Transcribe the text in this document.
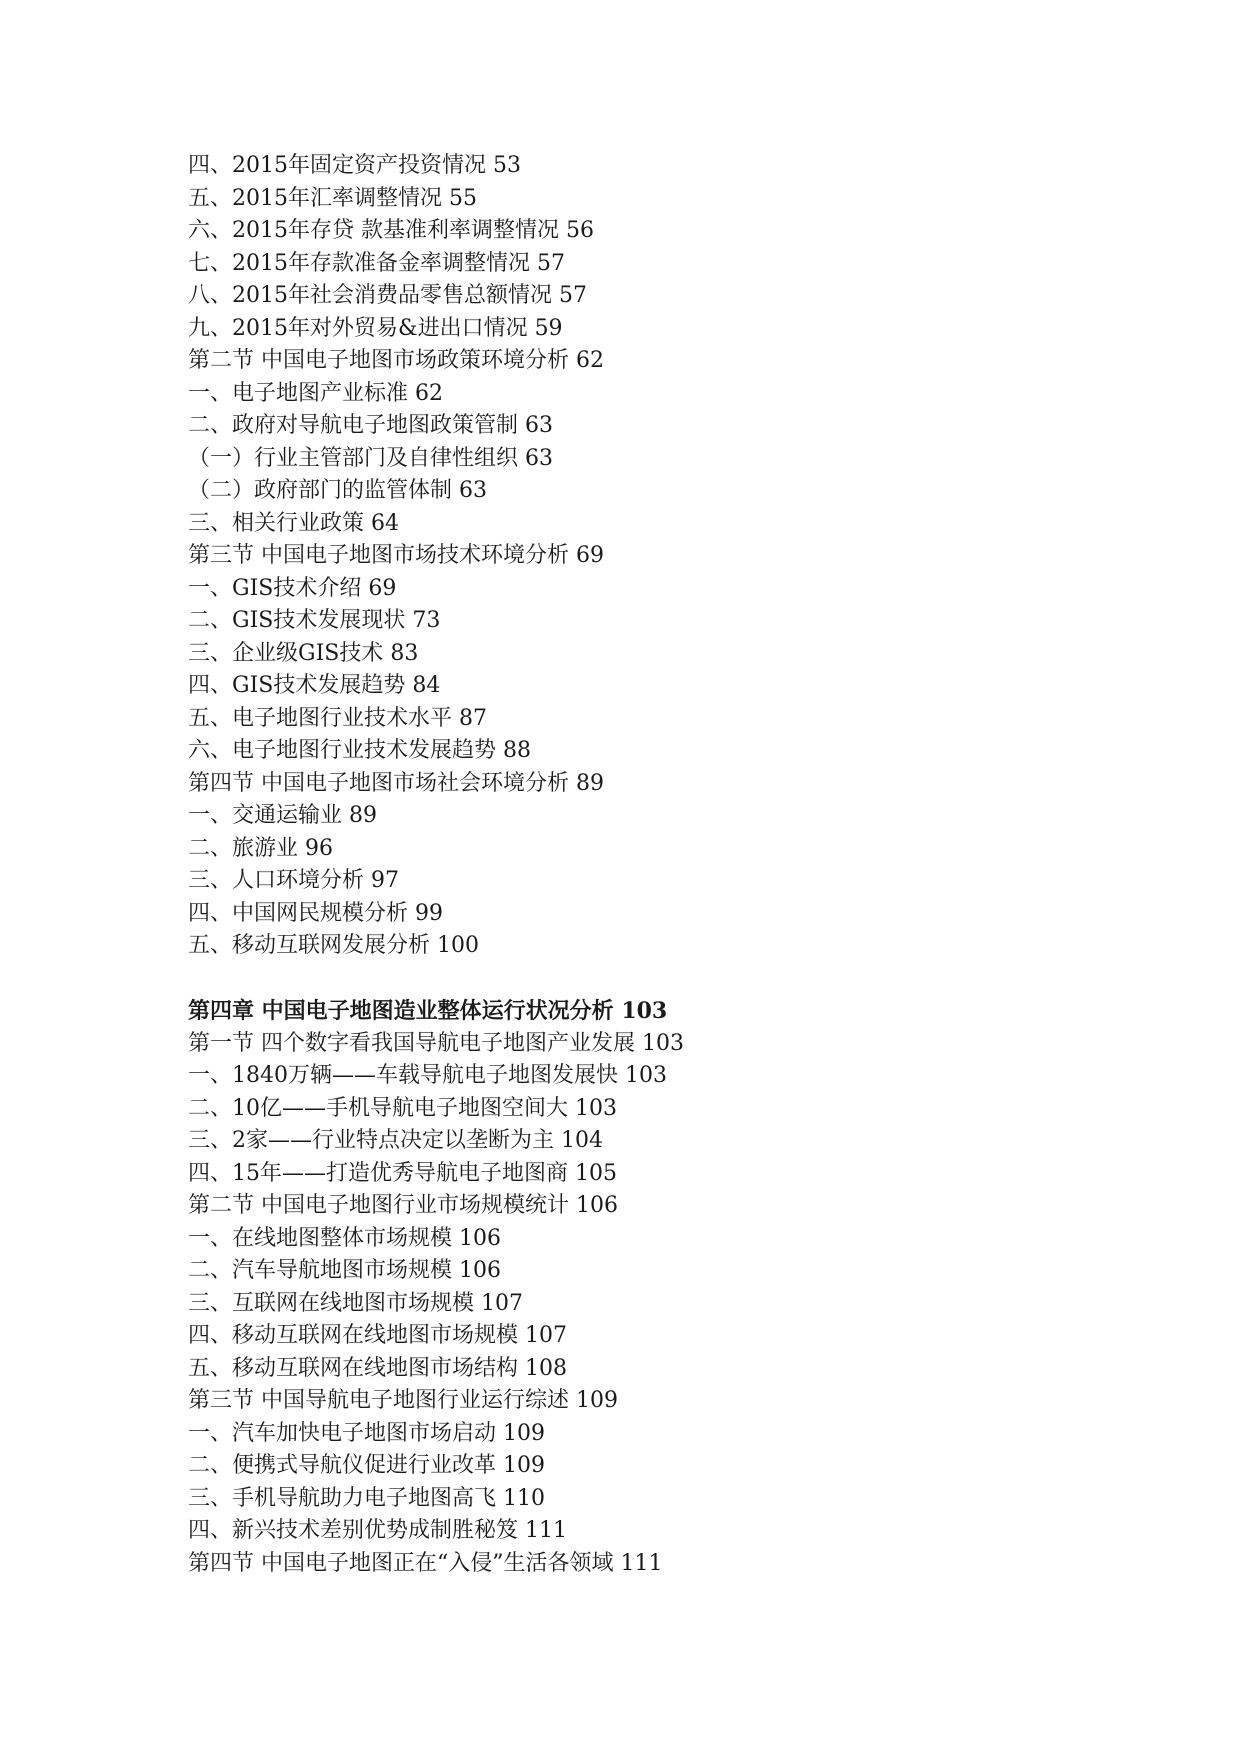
四、2015年固定资产投资情况 53
五、2015年汇率调整情况 55
六、2015年存贷 款基准利率调整情况 56
七、2015年存款准备金率调整情况 57
八、2015年社会消费品零售总额情况 57
九、2015年对外贸易&进出口情况 59
第二节 中国电子地图市场政策环境分析 62
一、电子地图产业标准 62
二、政府对导航电子地图政策管制 63
（一）行业主管部门及自律性组织 63
（二）政府部门的监管体制 63
三、相关行业政策 64
第三节 中国电子地图市场技术环境分析 69
一、GIS技术介绍 69
二、GIS技术发展现状 73
三、企业级GIS技术 83
四、GIS技术发展趋势 84
五、电子地图行业技术水平 87
六、电子地图行业技术发展趋势 88
第四节 中国电子地图市场社会环境分析 89
一、交通运输业 89
二、旅游业 96
三、人口环境分析 97
四、中国网民规模分析 99
五、移动互联网发展分析 100
第四章 中国电子地图造业整体运行状况分析 103
第一节 四个数字看我国导航电子地图产业发展 103
一、1840万辆——车载导航电子地图发展快 103
二、10亿——手机导航电子地图空间大 103
三、2家——行业特点决定以垄断为主 104
四、15年——打造优秀导航电子地图商 105
第二节 中国电子地图行业市场规模统计 106
一、在线地图整体市场规模 106
二、汽车导航地图市场规模 106
三、互联网在线地图市场规模 107
四、移动互联网在线地图市场规模 107
五、移动互联网在线地图市场结构 108
第三节 中国导航电子地图行业运行综述 109
一、汽车加快电子地图市场启动 109
二、便携式导航仪促进行业改革 109
三、手机导航助力电子地图高飞 110
四、新兴技术差别优势成制胜秘笈 111
第四节 中国电子地图正在“入侵”生活各领域 111
